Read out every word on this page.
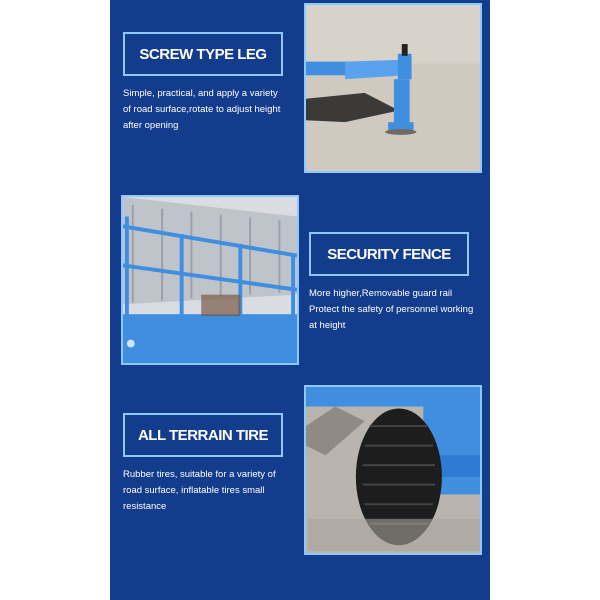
SCREW TYPE LEG
Simple, practical, and apply a variety
of road surface,rotate to adjust height
after opening
SECURITY FENCE
More higher,Removable guard rail
Protect the safety of personnel working
at height
ALL TERRAIN TIRE
Rubber tires, suitable for a variety of
road surface, inflatable tires small
resistance
